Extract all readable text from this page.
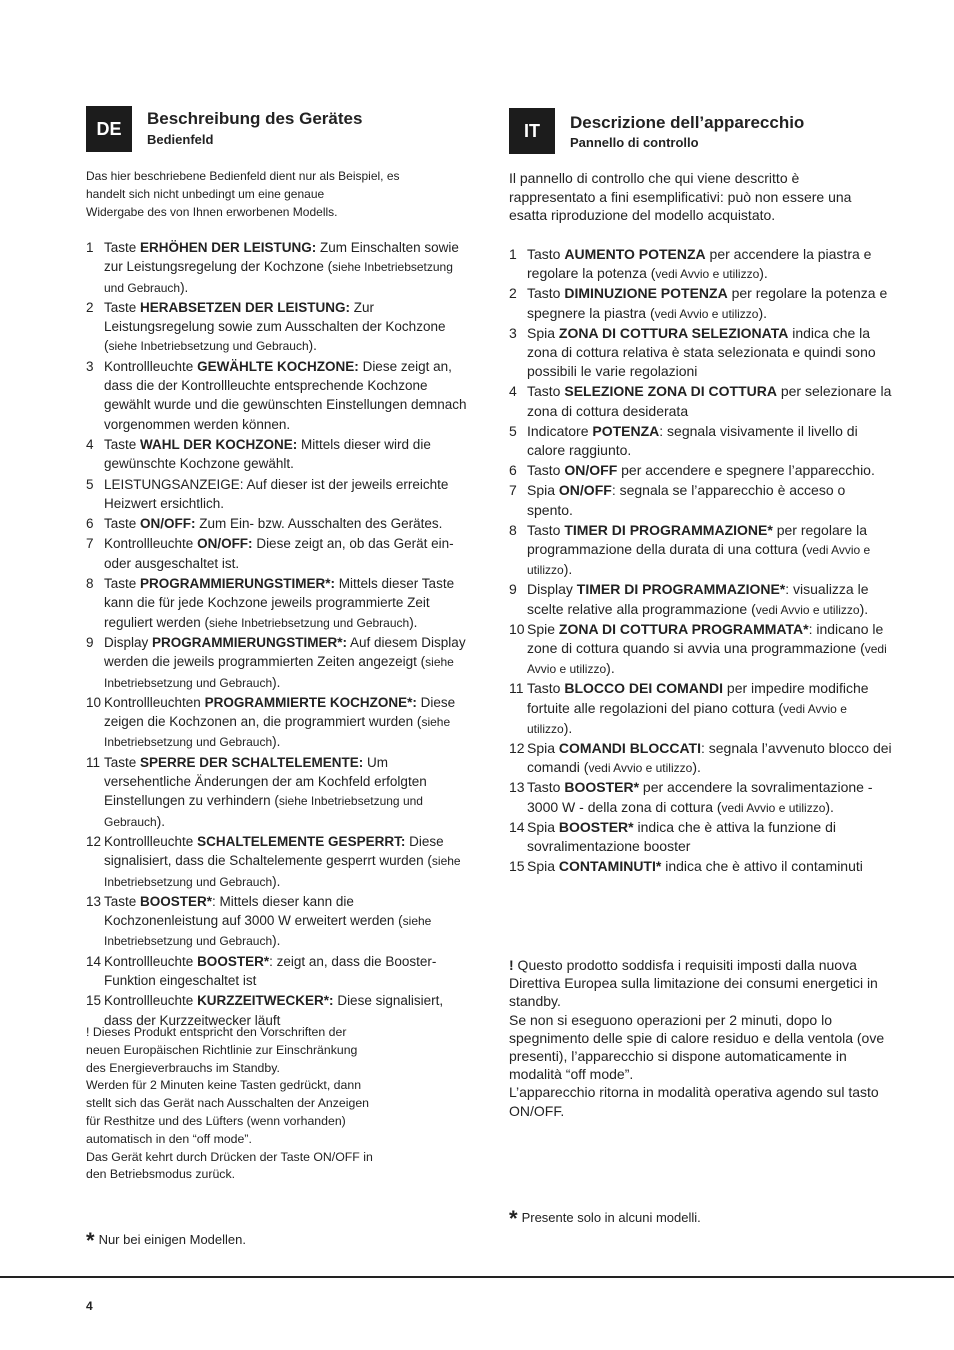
DE	Beschreibung des Gerätes
Bedienfeld
Das hier beschriebene Bedienfeld dient nur als Beispiel, es
handelt sich nicht unbedingt um eine genaue
Widergabe des von Ihnen erworbenen Modells.
1 Taste ERHÖHEN DER LEISTUNG: Zum Einschalten sowie zur Leistungsregelung der Kochzone (siehe Inbetriebsetzung und Gebrauch).
2 Taste HERABSETZEN DER LEISTUNG: Zur Leistungsregelung sowie zum Ausschalten der Kochzone (siehe Inbetriebsetzung und Gebrauch).
3 Kontrollleuchte GEWÄHLTE KOCHZONE: Diese zeigt an, dass die der Kontrollleuchte entsprechende Kochzone gewählt wurde und die gewünschten Einstellungen demnach vorgenommen werden können.
4 Taste WAHL DER KOCHZONE: Mittels dieser wird die gewünschte Kochzone gewählt.
5 LEISTUNGSANZEIGE: Auf dieser ist der jeweils erreichte Heizwert ersichtlich.
6 Taste ON/OFF: Zum Ein- bzw. Ausschalten des Gerätes.
7 Kontrollleuchte ON/OFF: Diese zeigt an, ob das Gerät ein- oder ausgeschaltet ist.
8 Taste PROGRAMMIERUNGSTIMER*: Mittels dieser Taste kann die für jede Kochzone jeweils programmierte Zeit reguliert werden (siehe Inbetriebsetzung und Gebrauch).
9 Display PROGRAMMIERUNGSTIMER*: Auf diesem Display werden die jeweils programmierten Zeiten angezeigt (siehe Inbetriebsetzung und Gebrauch).
10 Kontrollleuchten PROGRAMMIERTE KOCHZONE*: Diese zeigen die Kochzonen an, die programmiert wurden (siehe Inbetriebsetzung und Gebrauch).
11 Taste SPERRE DER SCHALTELEMENTE: Um versehentliche Änderungen der am Kochfeld erfolgten Einstellungen zu verhindern (siehe Inbetriebsetzung und Gebrauch).
12 Kontrollleuchte SCHALTELEMENTE GESPERRT: Diese signalisiert, dass die Schaltelemente gesperrt wurden (siehe Inbetriebsetzung und Gebrauch).
13 Taste BOOSTER*: Mittels dieser kann die Kochzonenleistung auf 3000 W erweitert werden (siehe Inbetriebsetzung und Gebrauch).
14 Kontrollleuchte BOOSTER*: zeigt an, dass die Booster-Funktion eingeschaltet ist
15 Kontrollleuchte KURZZEITWECKER*: Diese signalisiert, dass der Kurzzeitwecker läuft
! Dieses Produkt entspricht den Vorschriften der
neuen Europäischen Richtlinie zur Einschränkung
des Energieverbrauchs im Standby.
Werden für 2 Minuten keine Tasten gedrückt, dann
stellt sich das Gerät nach Ausschalten der Anzeigen
für Resthitze und des Lüfters (wenn vorhanden)
automatisch in den “off mode”.
Das Gerät kehrt durch Drücken der Taste ON/OFF in
den Betriebsmodus zurück.
* Nur bei einigen Modellen.
IT	Descrizione dell’apparecchio
Pannello di controllo
Il pannello di controllo che qui viene descritto è
rappresentato a fini esemplificativi: può non essere una
esatta riproduzione del modello acquistato.
1 Tasto AUMENTO POTENZA per accendere la piastra e regolare la potenza (vedi Avvio e utilizzo).
2 Tasto DIMINUZIONE POTENZA per regolare la potenza e spegnere la piastra (vedi Avvio e utilizzo).
3 Spia ZONA DI COTTURA SELEZIONATA indica che la zona di cottura relativa è stata selezionata e quindi sono possibili le varie regolazioni
4 Tasto SELEZIONE ZONA DI COTTURA per selezionare la zona di cottura desiderata
5 Indicatore POTENZA: segnala visivamente il livello di calore raggiunto.
6 Tasto ON/OFF per accendere e spegnere l’apparecchio.
7 Spia ON/OFF: segnala se l’apparecchio è acceso o spento.
8 Tasto TIMER DI PROGRAMMAZIONE* per regolare la programmazione della durata di una cottura (vedi Avvio e utilizzo).
9 Display TIMER DI PROGRAMMAZIONE*: visualizza le scelte relative alla programmazione (vedi Avvio e utilizzo).
10 Spie ZONA DI COTTURA PROGRAMMATA*: indicano le zone di cottura quando si avvia una programmazione (vedi Avvio e utilizzo).
11 Tasto BLOCCO DEI COMANDI per impedire modifiche fortuite alle regolazioni del piano cottura (vedi Avvio e utilizzo).
12 Spia COMANDI BLOCCATI: segnala l’avvenuto blocco dei comandi (vedi Avvio e utilizzo).
13 Tasto BOOSTER* per accendere la sovralimentazione - 3000 W - della zona di cottura (vedi Avvio e utilizzo).
14 Spia BOOSTER* indica che è attiva la funzione di sovralimentazione booster
15 Spia CONTAMINUTI* indica che è attivo il contaminuti

! Questo prodotto soddisfa i requisiti imposti dalla nuova Direttiva Europea sulla limitazione dei consumi energetici in standby.

Se non si eseguono operazioni per 2 minuti, dopo lo spegnimento delle spie di calore residuo e della ventola (ove presenti), l’apparecchio si dispone automaticamente in modalità “off mode”.

L’apparecchio ritorna in modalità operativa agendo sul tasto ON/OFF.

* Presente solo in alcuni modelli.
4
